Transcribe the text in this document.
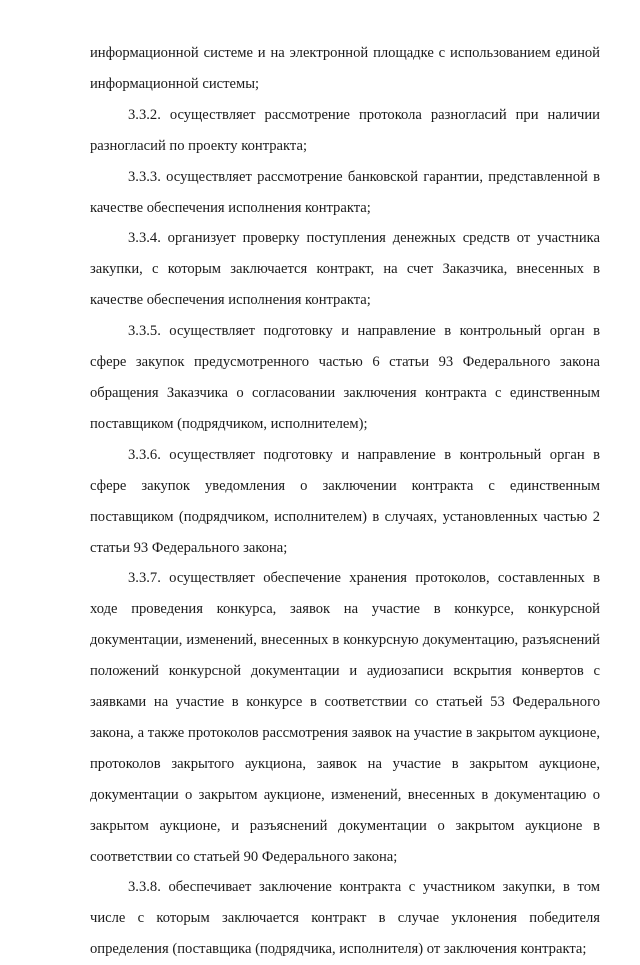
информационной системе и на электронной площадке с использованием единой информационной системы;

3.3.2. осуществляет рассмотрение протокола разногласий при наличии разногласий по проекту контракта;

3.3.3. осуществляет рассмотрение банковской гарантии, представленной в качестве обеспечения исполнения контракта;

3.3.4. организует проверку поступления денежных средств от участника закупки, с которым заключается контракт, на счет Заказчика, внесенных в качестве обеспечения исполнения контракта;

3.3.5. осуществляет подготовку и направление в контрольный орган в сфере закупок предусмотренного частью 6 статьи 93 Федерального закона обращения Заказчика о согласовании заключения контракта с единственным поставщиком (подрядчиком, исполнителем);

3.3.6. осуществляет подготовку и направление в контрольный орган в сфере закупок уведомления о заключении контракта с единственным поставщиком (подрядчиком, исполнителем) в случаях, установленных частью 2 статьи 93 Федерального закона;

3.3.7. осуществляет обеспечение хранения протоколов, составленных в ходе проведения конкурса, заявок на участие в конкурсе, конкурсной документации, изменений, внесенных в конкурсную документацию, разъяснений положений конкурсной документации и аудиозаписи вскрытия конвертов с заявками на участие в конкурсе в соответствии со статьей 53 Федерального закона, а также протоколов рассмотрения заявок на участие в закрытом аукционе, протоколов закрытого аукциона, заявок на участие в закрытом аукционе, документации о закрытом аукционе, изменений, внесенных в документацию о закрытом аукционе, и разъяснений документации о закрытом аукционе в соответствии со статьей 90 Федерального закона;

3.3.8. обеспечивает заключение контракта с участником закупки, в том числе с которым заключается контракт в случае уклонения победителя определения (поставщика (подрядчика, исполнителя) от заключения контракта;
